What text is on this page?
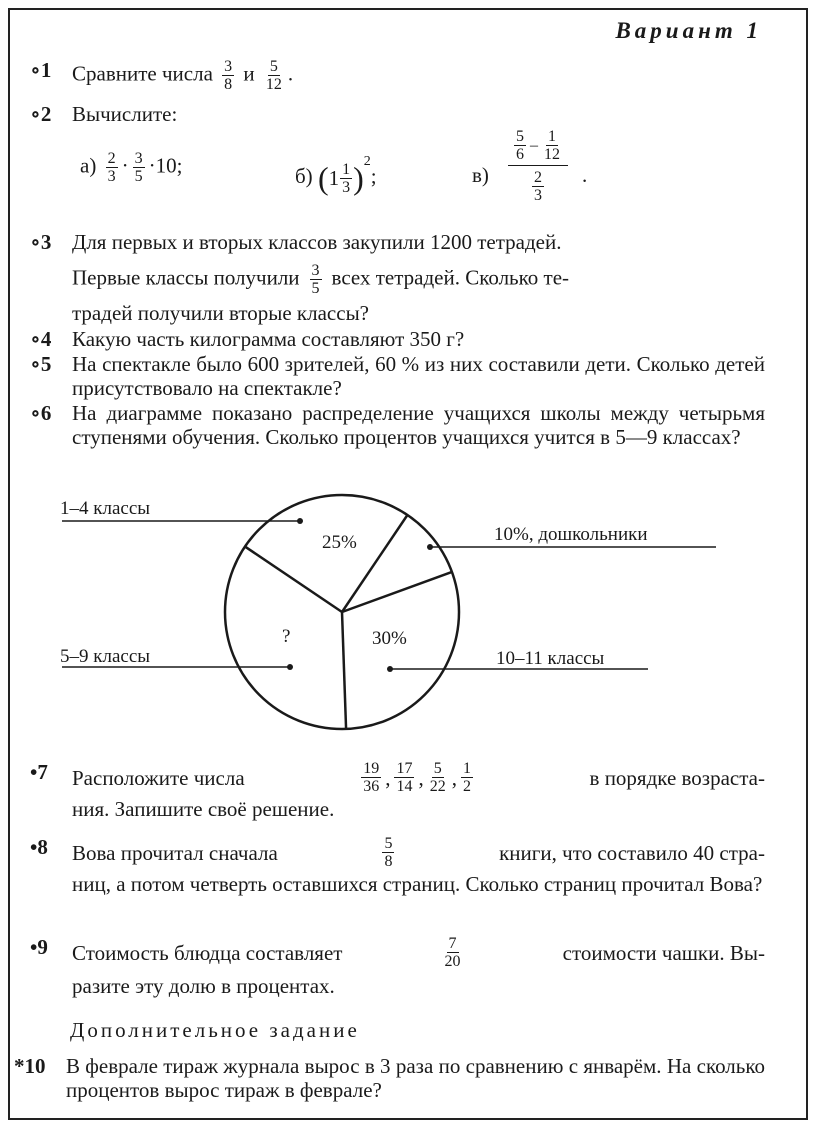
Вариант 1
∘1 Сравните числа $\frac{3}{8}$ и $\frac{5}{12}$ .
∘2 Вычислите:
$а) \frac{2}{3} \cdot \frac{3}{5} \cdot 10$;	б) $(1 \frac{1}{3} )^2$;	в)
$\frac{5}{6} - \frac{1}{12}$
$\frac{2}{3}$ .
∘3 Для первых и вторых классов закупили 1200 тетрадей.
Первые классы получили $\frac{3}{5}$ всех тетрадей. Сколько те-
традей получили вторые классы?
∘4 Какую часть килограмма составляют 350 г?
∘5 На спектакле было 600 зрителей, 60 % из них составили дети. Сколько детей присутствовало на спектакле?
∘6 На диаграмме показано распределение учащихся школы между четырьмя ступенями обучения. Сколько процентов учащихся учится в 5—9 классах?
1–4 классы
10%, дошкольники
10–11 классы
5–9 классы
25%
30%
?
•7	Расположите числа	$\frac{19}{36}$ , $\frac{17}{14}$ , $\frac{5}{22}$ , $\frac{1}{2}$	в порядке возраста-
ния. Запишите своё решение.
•8	Вова прочитал сначала	$\frac{5}{8}$	книги, что составило 40 стра-
ниц, а потом четверть оставшихся страниц. Сколько страниц прочитал Вова?
•9	Стоимость блюдца составляет	$\frac{7}{20}$	стоимости чашки. Вы-
разите эту долю в процентах.
Дополнительное задание
*10 В феврале тираж журнала вырос в 3 раза по сравнению с январём. На сколько процентов вырос тираж в феврале?
